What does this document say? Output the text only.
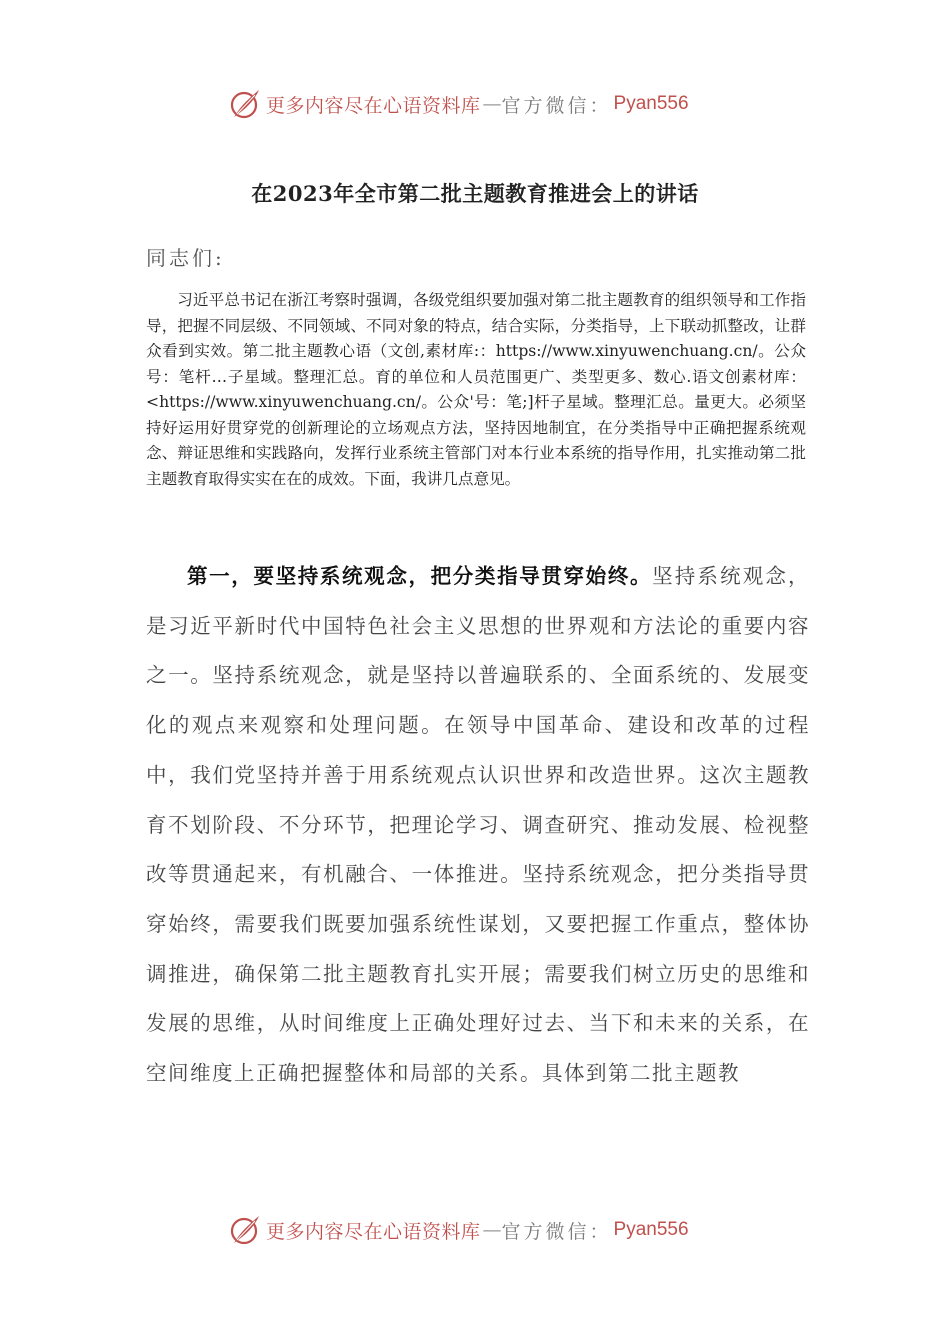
更多内容尽在心语资料库 — 官方微信： Pyan556
在2023年全市第二批主题教育推进会上的讲话
同志们:

习近平总书记在浙江考察时强调，各级党组织要加强对第二批主题教育的组织领导和工作指导，把握不同层级、不同领域、不同对象的特点，结合实际，分类指导，上下联动抓整改，让群众看到实效。第二批主题教心语（文创,素材库:：https://www.xinyuwenchuang.cn/。公众号：笔杆…子星域。整理汇总。育的单位和人员范围更广、类型更多、数心.语文创素材库：<https://www.xinyuwenchuang.cn/。公众'号：笔;]杆子星域。整理汇总。量更大。必须坚持好运用好贯穿党的创新理论的立场观点方法，坚持因地制宜，在分类指导中正确把握系统观念、辩证思维和实践路向，发挥行业系统主管部门对本行业本系统的指导作用，扎实推动第二批主题教育取得实实在在的成效。下面，我讲几点意见。

第一，要坚持系统观念，把分类指导贯穿始终。坚持系统观念，是习近平新时代中国特色社会主义思想的世界观和方法论的重要内容之一。坚持系统观念，就是坚持以普遍联系的、全面系统的、发展变化的观点来观察和处理问题。在领导中国革命、建设和改革的过程中，我们党坚持并善于用系统观点认识世界和改造世界。这次主题教育不划阶段、不分环节，把理论学习、调查研究、推动发展、检视整改等贯通起来，有机融合、一体推进。坚持系统观念，把分类指导贯穿始终，需要我们既要加强系统性谋划，又要把握工作重点，整体协调推进，确保第二批主题教育扎实开展；需要我们树立历史的思维和发展的思维，从时间维度上正确处理好过去、当下和未来的关系，在空间维度上正确把握整体和局部的关系。具体到第二批主题教

更多内容尽在心语资料库 — 官方微信： Pyan556
